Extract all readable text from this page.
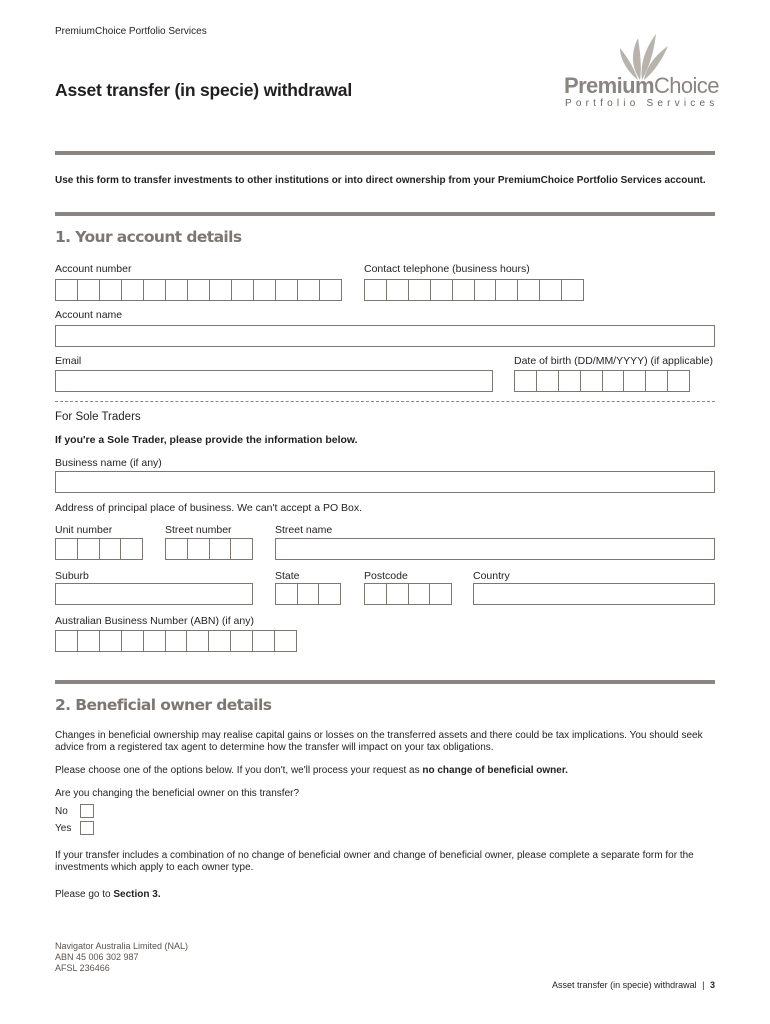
PremiumChoice Portfolio Services
Asset transfer (in specie) withdrawal	PremiumChoice
Portfolio Services
Use this form to transfer investments to other institutions or into direct ownership from your PremiumChoice Portfolio Services account.
1. Your account details
Account number	Contact telephone (business hours)
Account name
Email	Date of birth (DD/MM/YYYY) (if applicable)
For Sole Traders
If you're a Sole Trader, please provide the information below.
Business name (if any)
Address of principal place of business. We can't accept a PO Box.
Unit number	Street number	Street name
Suburb	State	Postcode	Country
Australian Business Number (ABN) (if any)
2. Beneficial owner details
Changes in beneficial ownership may realise capital gains or losses on the transferred assets and there could be tax implications. You should seek advice from a registered tax agent to determine how the transfer will impact on your tax obligations.
Please choose one of the options below. If you don't, we'll process your request as no change of beneficial owner.
Are you changing the beneficial owner on this transfer?
No
Yes
If your transfer includes a combination of no change of beneficial owner and change of beneficial owner, please complete a separate form for the investments which apply to each owner type.
Please go to Section 3.
Navigator Australia Limited (NAL)
ABN 45 006 302 987
AFSL 236466
Asset transfer (in specie) withdrawal | 3
